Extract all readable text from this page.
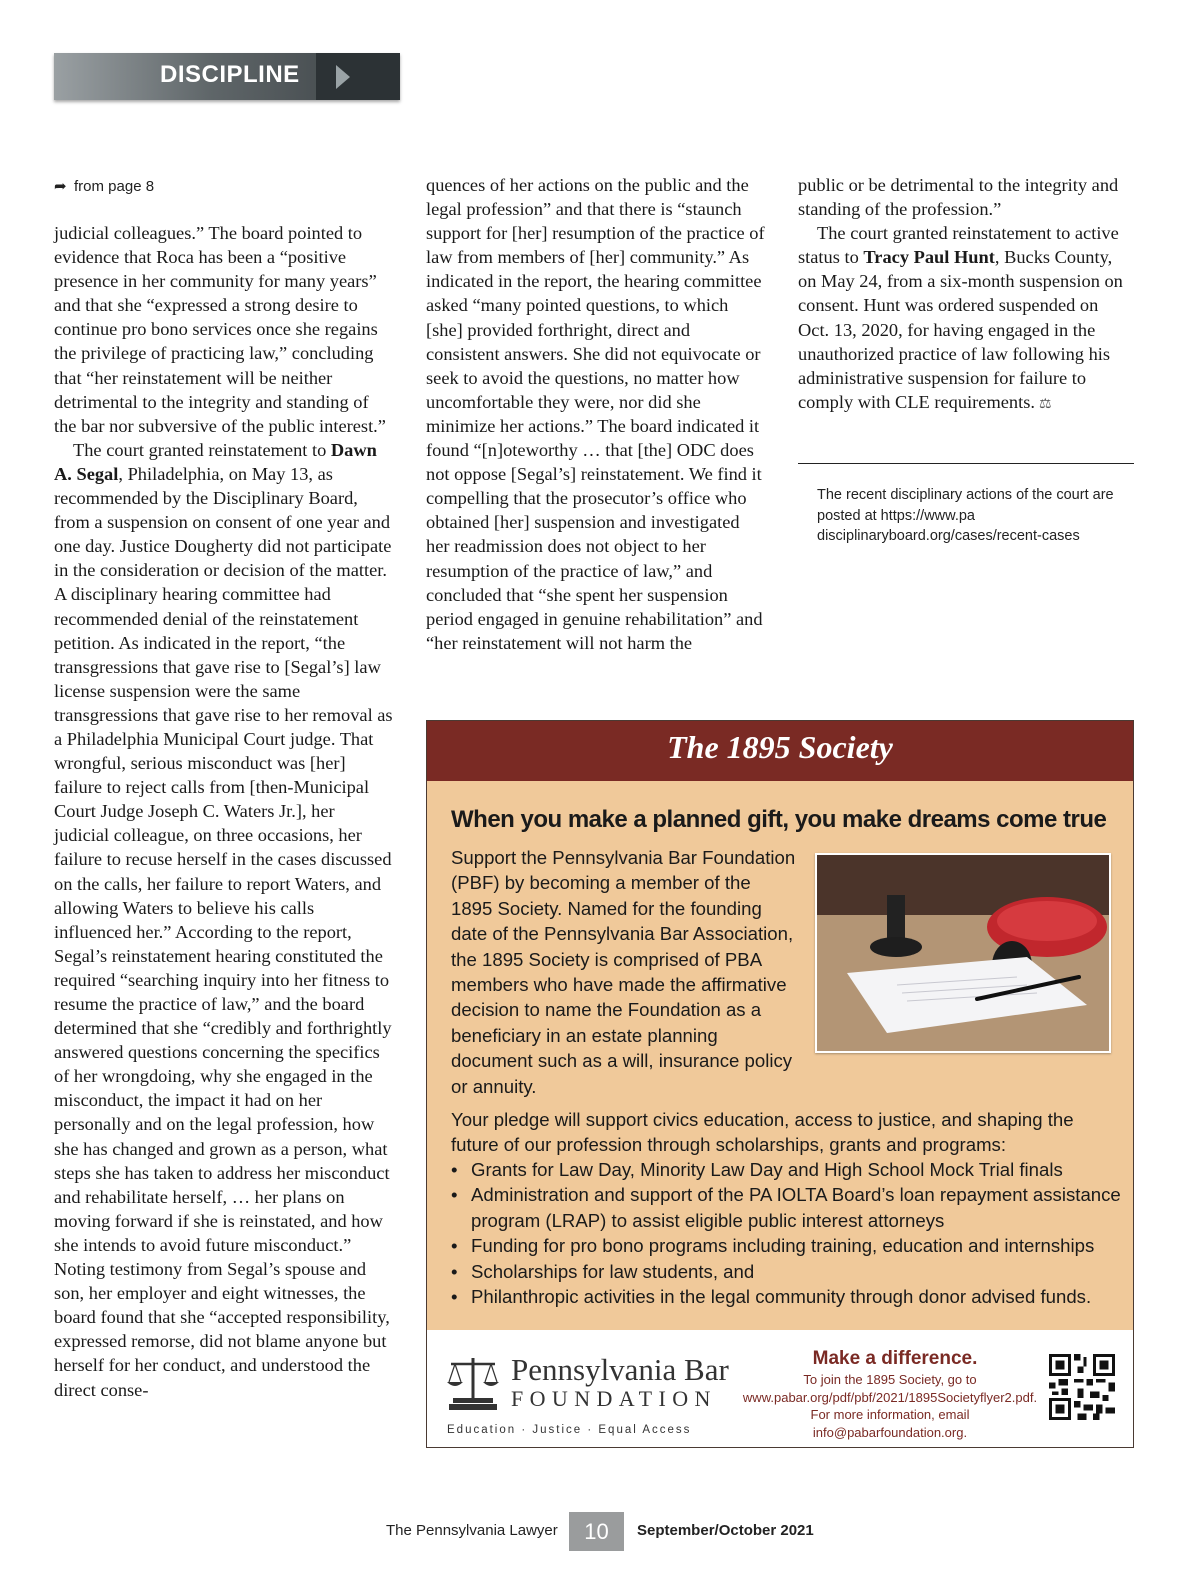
DISCIPLINE
➦ from page 8

judicial colleagues.” The board pointed to evidence that Roca has been a “positive presence in her community for many years” and that she “expressed a strong desire to continue pro bono services once she regains the privilege of practicing law,” concluding that “her reinstatement will be neither detrimental to the integrity and standing of the bar nor subversive of the public interest.”

The court granted reinstatement to Dawn A. Segal, Philadelphia, on May 13, as recommended by the Disciplinary Board, from a suspension on consent of one year and one day. Justice Dougherty did not participate in the consideration or decision of the matter. A disciplinary hearing committee had recommended denial of the reinstatement petition. As indicated in the report, “the transgressions that gave rise to [Segal’s] law license suspension were the same transgressions that gave rise to her removal as a Philadelphia Municipal Court judge. That wrongful, serious misconduct was [her] failure to reject calls from [then-Municipal Court Judge Joseph C. Waters Jr.], her judicial colleague, on three occasions, her failure to recuse herself in the cases discussed on the calls, her failure to report Waters, and allowing Waters to believe his calls influenced her.” According to the report, Segal’s reinstatement hearing constituted the required “searching inquiry into her fitness to resume the practice of law,” and the board determined that she “credibly and forthrightly answered questions concerning the specifics of her wrongdoing, why she engaged in the misconduct, the impact it had on her personally and on the legal profession, how she has changed and grown as a person, what steps she has taken to address her misconduct and rehabilitate herself, … her plans on moving forward if she is reinstated, and how she intends to avoid future misconduct.” Noting testimony from Segal’s spouse and son, her employer and eight witnesses, the board found that she “accepted responsibility, expressed remorse, did not blame anyone but herself for her conduct, and understood the direct conse-

quences of her actions on the public and the legal profession” and that there is “staunch support for [her] resumption of the practice of law from members of [her] community.” As indicated in the report, the hearing committee asked “many pointed questions, to which [she] provided forthright, direct and consistent answers. She did not equivocate or seek to avoid the questions, no matter how uncomfortable they were, nor did she minimize her actions.” The board indicated it found “[n]oteworthy … that [the] ODC does not oppose [Segal’s] reinstatement. We find it compelling that the prosecutor’s office who obtained [her] suspension and investigated her readmission does not object to her resumption of the practice of law,” and concluded that “she spent her suspension period engaged in genuine rehabilitation” and “her reinstatement will not harm the

public or be detrimental to the integrity and standing of the profession.”

The court granted reinstatement to active status to Tracy Paul Hunt, Bucks County, on May 24, from a six-month suspension on consent. Hunt was ordered suspended on Oct. 13, 2020, for having engaged in the unauthorized practice of law following his administrative suspension for failure to comply with CLE requirements. ⚖

The recent disciplinary actions of the court are posted at https://www.pa disciplinaryboard.org/cases/recent-cases
The 1895 Society
When you make a planned gift, you make dreams come true
Support the Pennsylvania Bar Foundation (PBF) by becoming a member of the 1895 Society. Named for the founding date of the Pennsylvania Bar Association, the 1895 Society is comprised of PBA members who have made the affirmative decision to name the Foundation as a beneficiary in an estate planning document such as a will, insurance policy or annuity.
Your pledge will support civics education, access to justice, and shaping the future of our profession through scholarships, grants and programs:
• Grants for Law Day, Minority Law Day and High School Mock Trial finals
• Administration and support of the PA IOLTA Board’s loan repayment assistance program (LRAP) to assist eligible public interest attorneys
• Funding for pro bono programs including training, education and internships
• Scholarships for law students, and
• Philanthropic activities in the legal community through donor advised funds.
Pennsylvania Bar
FOUNDATION
Education · Justice · Equal Access
Make a difference.
To join the 1895 Society, go to
www.pabar.org/pdf/pbf/2021/1895Societyflyer2.pdf.
For more information, email
info@pabarfoundation.org.
The Pennsylvania Lawyer	10	September/October 2021
